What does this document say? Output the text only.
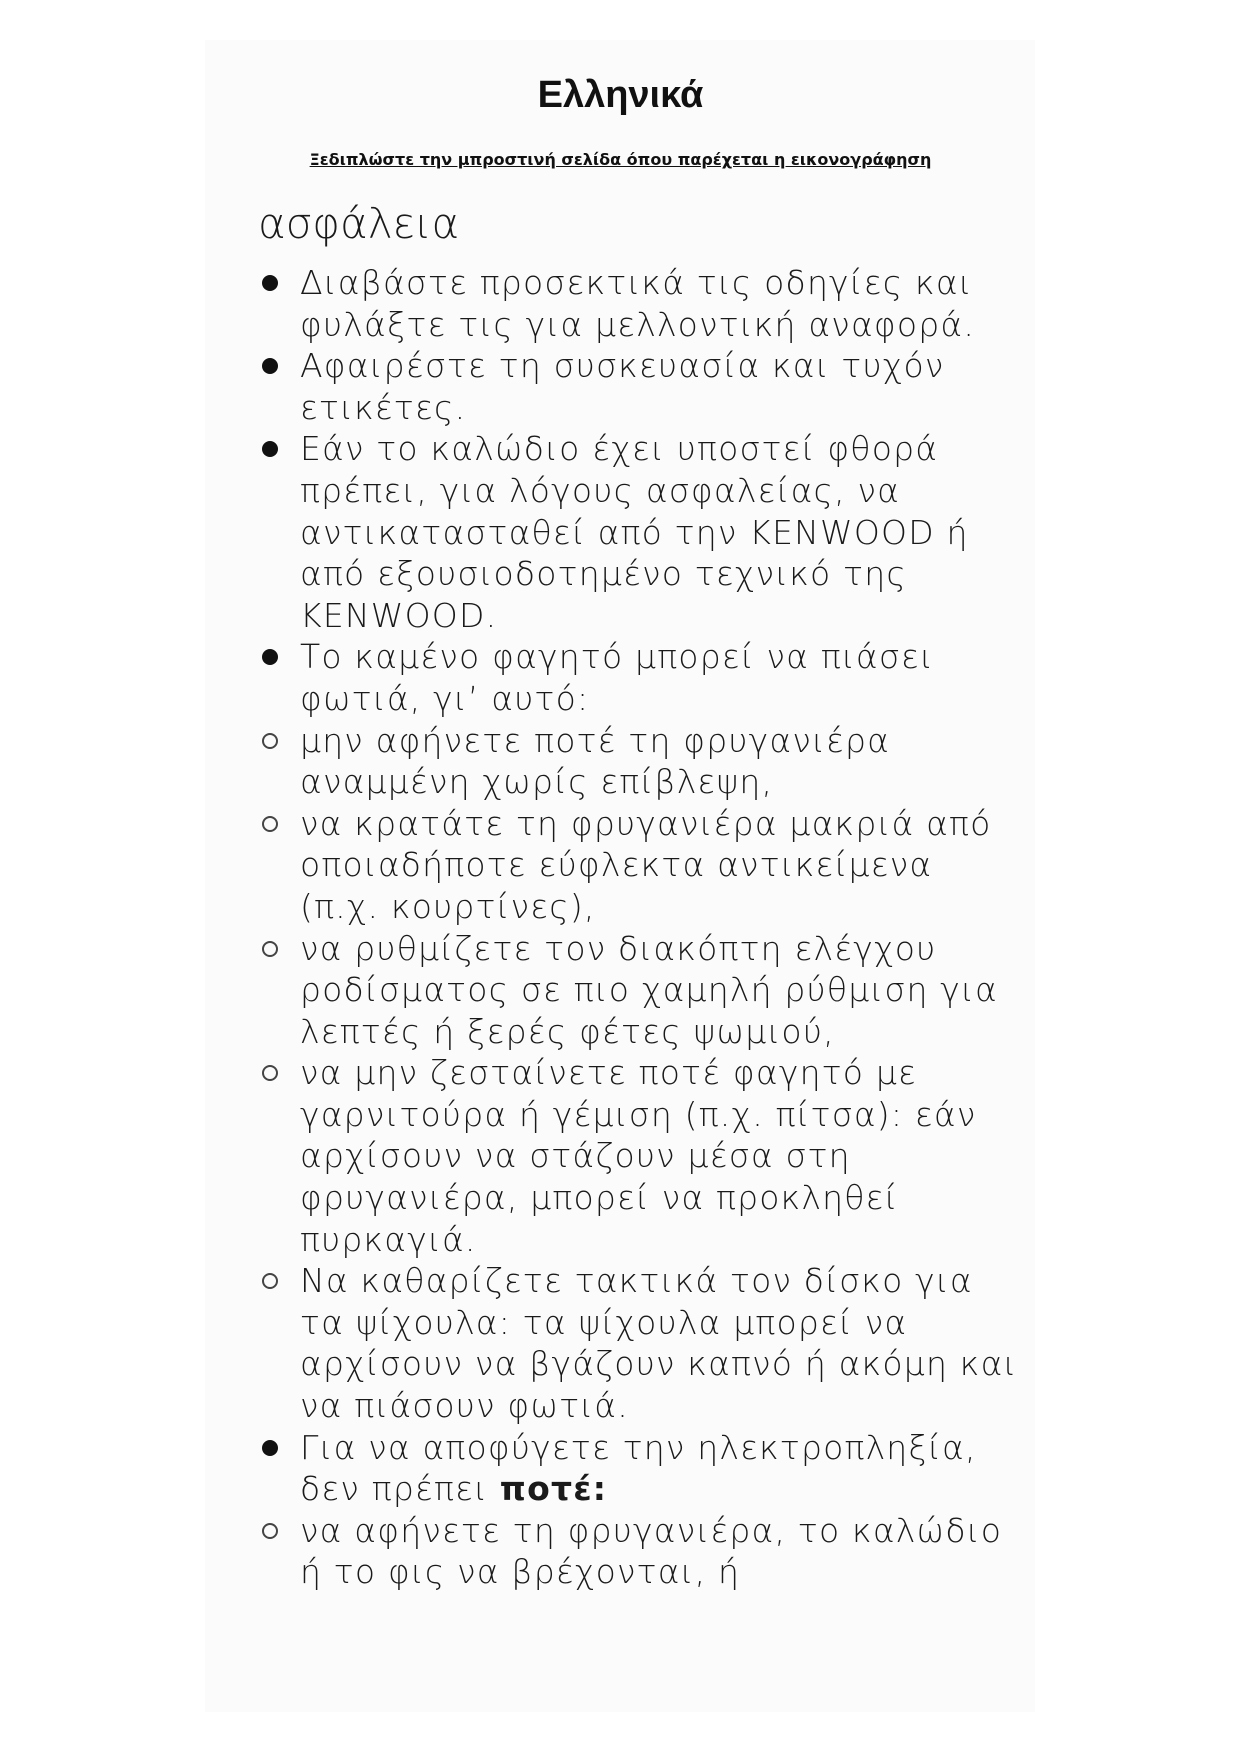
Ελληνικά
Ξεδιπλώστε την μπροστινή σελίδα όπου παρέχεται η εικονογράφηση
ασφάλεια
Διαβάστε προσεκτικά τις οδηγίες και φυλάξτε τις για μελλοντική αναφορά.
Αφαιρέστε τη συσκευασία και τυχόν ετικέτες.
Εάν το καλώδιο έχει υποστεί φθορά πρέπει, για λόγους ασφαλείας, να αντικατασταθεί από την KENWOOD ή από εξουσιοδοτημένο τεχνικό της KENWOOD.
Το καμένο φαγητό μπορεί να πιάσει φωτιά, γι’ αυτό:
μην αφήνετε ποτέ τη φρυγανιέρα αναμμένη χωρίς επίβλεψη,
να κρατάτε τη φρυγανιέρα μακριά από οποιαδήποτε εύφλεκτα αντικείμενα (π.χ. κουρτίνες),
να ρυθμίζετε τον διακόπτη ελέγχου ροδίσματος σε πιο χαμηλή ρύθμιση για λεπτές ή ξερές φέτες ψωμιού,
να μην ζεσταίνετε ποτέ φαγητό με γαρνιτούρα ή γέμιση (π.χ. πίτσα): εάν αρχίσουν να στάζουν μέσα στη φρυγανιέρα, μπορεί να προκληθεί πυρκαγιά.
Να καθαρίζετε τακτικά τον δίσκο για τα ψίχουλα: τα ψίχουλα μπορεί να αρχίσουν να βγάζουν καπνό ή ακόμη και να πιάσουν φωτιά.
Για να αποφύγετε την ηλεκτροπληξία, δεν πρέπει ποτέ:
να αφήνετε τη φρυγανιέρα, το καλώδιο ή το φις να βρέχονται, ή
